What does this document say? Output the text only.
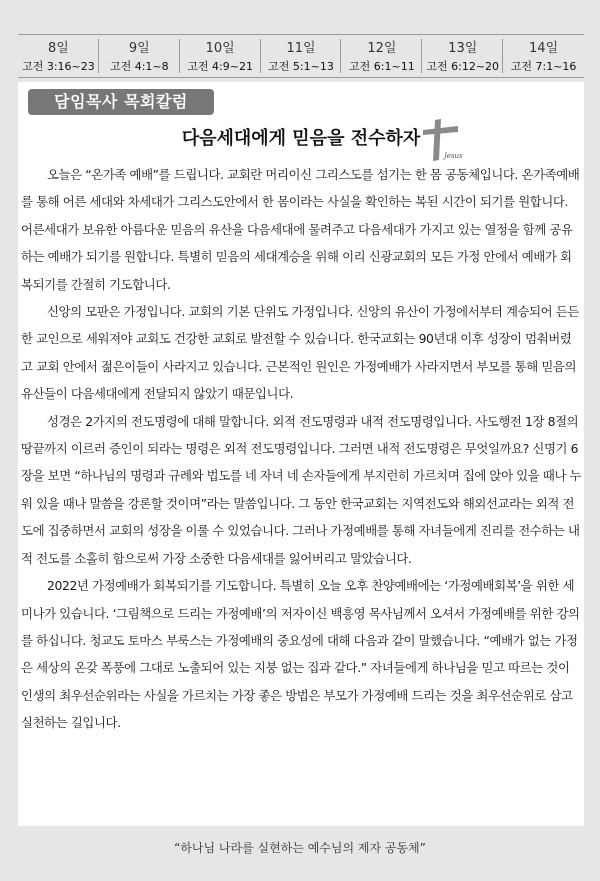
8일
고전 3:16~23
9일
고전 4:1~8
10일
고전 4:9~21
11일
고전 5:1~13
12일
고전 6:1~11
13일
고전 6:12~20
14일
고전 7:1~16
담임목사 목회칼럼
다음세대에게 믿음을 전수하자
Jesus

오늘은 “온가족 예배”를 드립니다. 교회란 머리이신 그리스도를 섬기는 한 몸 공동체입니다. 온가족예배를 통해 어른 세대와 차세대가 그리스도안에서 한 몸이라는 사실을 확인하는 복된 시간이 되기를 원합니다. 어른세대가 보유한 아름다운 믿음의 유산을 다음세대에 물려주고 다음세대가 가지고 있는 열정을 함께 공유하는 예배가 되기를 원합니다. 특별히 믿음의 세대계승을 위해 이리 신광교회의 모든 가정 안에서 예배가 회복되기를 간절히 기도합니다.

신앙의 모판은 가정입니다. 교회의 기본 단위도 가정입니다. 신앙의 유산이 가정에서부터 계승되어 든든한 교인으로 세워져야 교회도 건강한 교회로 발전할 수 있습니다. 한국교회는 90년대 이후 성장이 멈춰버렸고 교회 안에서 젊은이들이 사라지고 있습니다. 근본적인 원인은 가정예배가 사라지면서 부모를 통해 믿음의 유산들이 다음세대에게 전달되지 않았기 때문입니다.

성경은 2가지의 전도명령에 대해 말합니다. 외적 전도명령과 내적 전도명령입니다. 사도행전 1장 8절의 땅끝까지 이르러 증인이 되라는 명령은 외적 전도명령입니다. 그러면 내적 전도명령은 무엇일까요? 신명기 6장을 보면 “하나님의 명령과 규례와 법도를 네 자녀 네 손자들에게 부지런히 가르치며 집에 앉아 있을 때나 누워 있을 때나 말씀을 강론할 것이며”라는 말씀입니다. 그 동안 한국교회는 지역전도와 해외선교라는 외적 전도에 집중하면서 교회의 성장을 이룰 수 있었습니다. 그러나 가정예배를 통해 자녀들에게 진리를 전수하는 내적 전도를 소홀히 함으로써 가장 소중한 다음세대를 잃어버리고 말았습니다.

2022년 가정예배가 회복되기를 기도합니다. 특별히 오늘 오후 찬양예배에는 ‘가정예배회복’을 위한 세미나가 있습니다. ‘그림책으로 드리는 가정예배’의 저자이신 백흥영 목사님께서 오셔서 가정예배를 위한 강의를 하십니다. 청교도 토마스 부룩스는 가정예배의 중요성에 대해 다음과 같이 말했습니다. “예배가 없는 가정은 세상의 온갖 폭풍에 그대로 노출되어 있는 지붕 없는 집과 같다.” 자녀들에게 하나님을 믿고 따르는 것이 인생의 최우선순위라는 사실을 가르치는 가장 좋은 방법은 부모가 가정예배 드리는 것을 최우선순위로 삼고 실천하는 길입니다.

“하나님 나라를 실현하는 예수님의 제자 공동체”
